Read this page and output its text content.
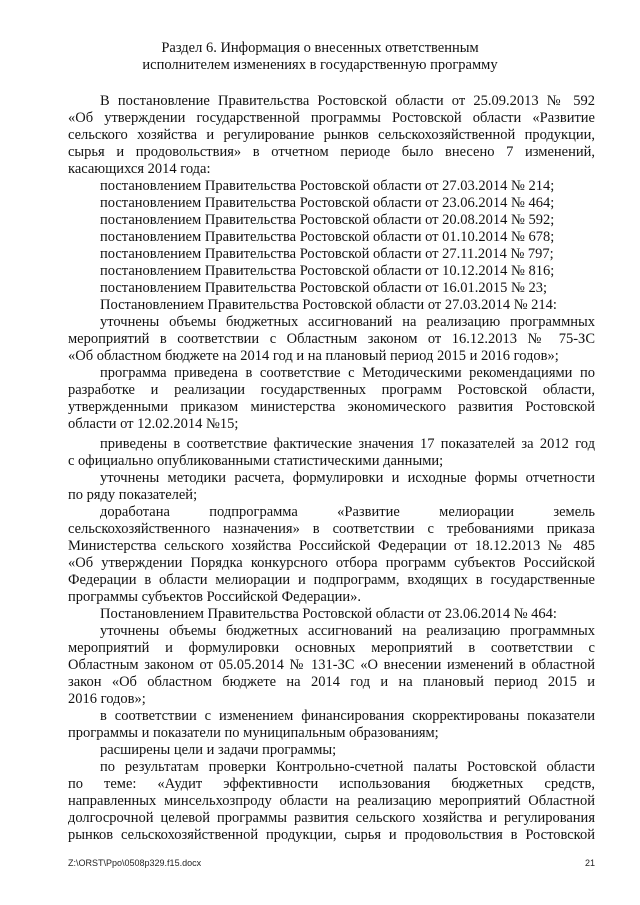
Раздел 6. Информация о внесенных ответственным
исполнителем изменениях в государственную программу
В постановление Правительства Ростовской области от 25.09.2013 № 592
«Об утверждении государственной программы Ростовской области «Развитие
сельского хозяйства и регулирование рынков сельскохозяйственной продукции,
сырья и продовольствия» в отчетном периоде было внесено 7 изменений,
касающихся 2014 года:
постановлением Правительства Ростовской области от 27.03.2014 № 214;
постановлением Правительства Ростовской области от 23.06.2014 № 464;
постановлением Правительства Ростовской области от 20.08.2014 № 592;
постановлением Правительства Ростовской области от 01.10.2014 № 678;
постановлением Правительства Ростовской области от 27.11.2014 № 797;
постановлением Правительства Ростовской области от 10.12.2014 № 816;
постановлением Правительства Ростовской области от 16.01.2015 № 23;
Постановлением Правительства Ростовской области от 27.03.2014 № 214:
уточнены объемы бюджетных ассигнований на реализацию программных
мероприятий в соответствии с Областным законом от 16.12.2013 № 75-ЗС
«Об областном бюджете на 2014 год и на плановый период 2015 и 2016 годов»;
программа приведена в соответствие с Методическими рекомендациями по
разработке и реализации государственных программ Ростовской области,
утвержденными приказом министерства экономического развития Ростовской
области от 12.02.2014 №15;
приведены в соответствие фактические значения 17 показателей за 2012 год
с официально опубликованными статистическими данными;
уточнены методики расчета, формулировки и исходные формы отчетности
по ряду показателей;
доработана подпрограмма «Развитие мелиорации земель
сельскохозяйственного назначения» в соответствии с требованиями приказа
Министерства сельского хозяйства Российской Федерации от 18.12.2013 № 485
«Об утверждении Порядка конкурсного отбора программ субъектов Российской
Федерации в области мелиорации и подпрограмм, входящих в государственные
программы субъектов Российской Федерации».
Постановлением Правительства Ростовской области от 23.06.2014 № 464:
уточнены объемы бюджетных ассигнований на реализацию программных
мероприятий и формулировки основных мероприятий в соответствии с
Областным законом от 05.05.2014 № 131-ЗС «О внесении изменений в областной
закон «Об областном бюджете на 2014 год и на плановый период 2015 и
2016 годов»;
в соответствии с изменением финансирования скорректированы показатели
программы и показатели по муниципальным образованиям;
расширены цели и задачи программы;
по результатам проверки Контрольно-счетной палаты Ростовской области
по теме: «Аудит эффективности использования бюджетных средств,
направленных минсельхозпроду области на реализацию мероприятий Областной
долгосрочной целевой программы развития сельского хозяйства и регулирования
рынков сельскохозяйственной продукции, сырья и продовольствия в Ростовской
Z:\ORST\Ppo\0508p329.f15.docx	21
